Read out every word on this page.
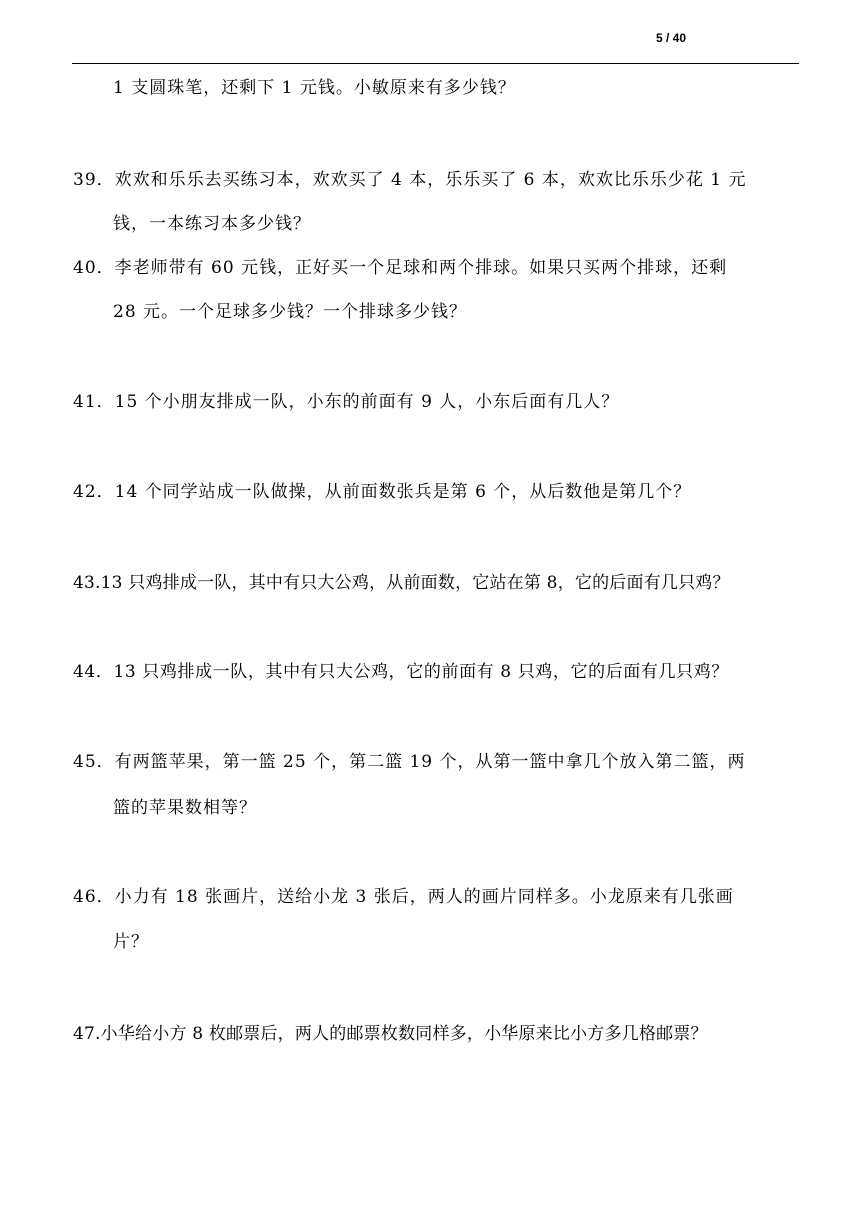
5 / 40
1 支圆珠笔，还剩下 1 元钱。小敏原来有多少钱？
39．欢欢和乐乐去买练习本，欢欢买了 4 本，乐乐买了 6 本，欢欢比乐乐少花 1 元
钱，一本练习本多少钱？
40．李老师带有 60 元钱，正好买一个足球和两个排球。如果只买两个排球，还剩
28 元。一个足球多少钱？一个排球多少钱？
41．15 个小朋友排成一队，小东的前面有 9 人，小东后面有几人？
42．14 个同学站成一队做操，从前面数张兵是第 6 个，从后数他是第几个？
43.13 只鸡排成一队，其中有只大公鸡，从前面数，它站在第 8，它的后面有几只鸡？
44．13 只鸡排成一队，其中有只大公鸡，它的前面有 8 只鸡，它的后面有几只鸡？
45．有两篮苹果，第一篮 25 个，第二篮 19 个，从第一篮中拿几个放入第二篮，两
篮的苹果数相等？
46．小力有 18 张画片，送给小龙 3 张后，两人的画片同样多。小龙原来有几张画
片？
47.小华给小方 8 枚邮票后，两人的邮票枚数同样多，小华原来比小方多几格邮票？
